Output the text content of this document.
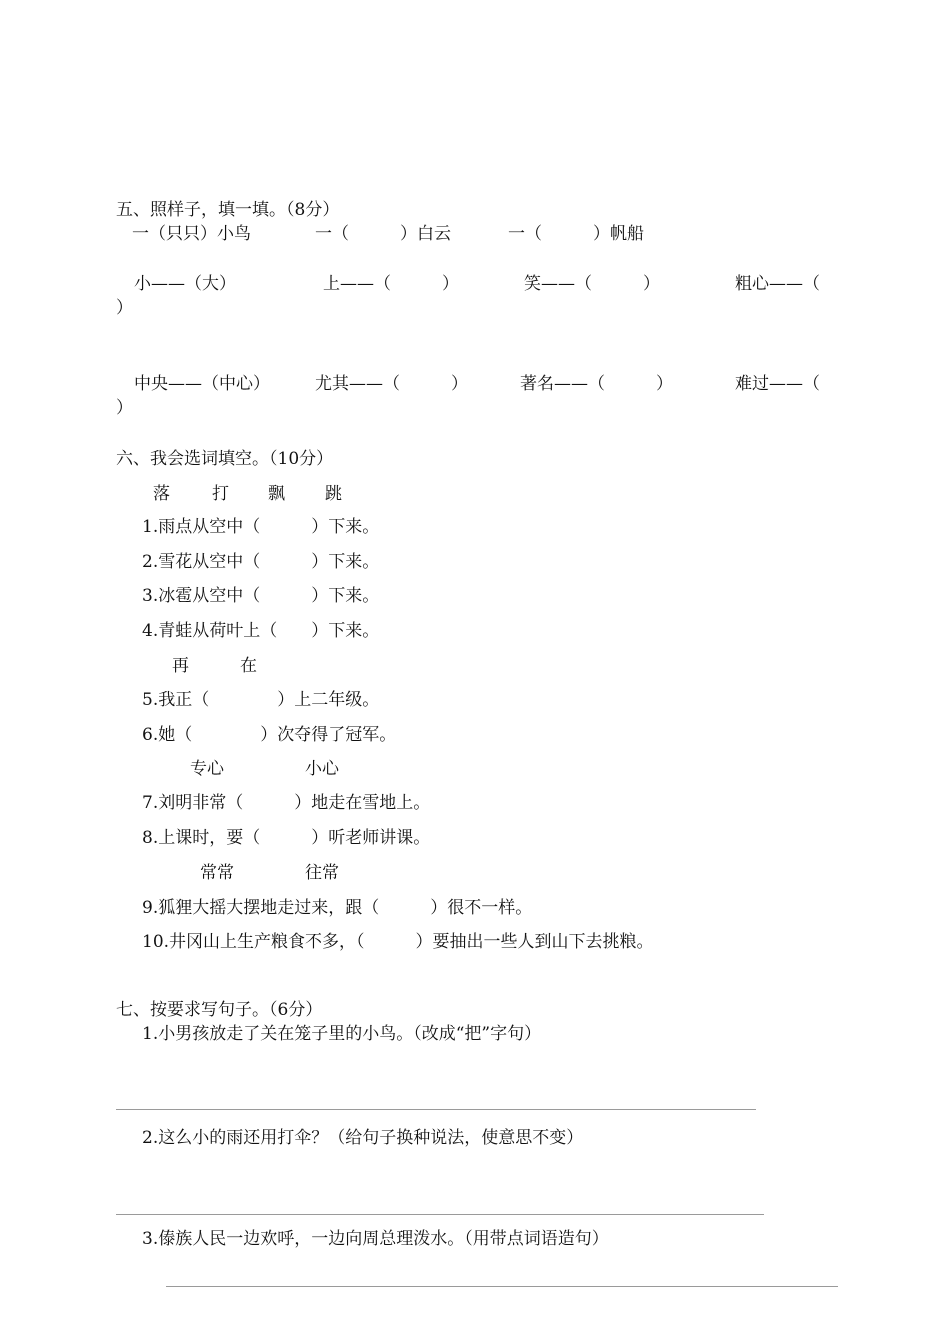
五、照样子，填一填。（8分）
一（只只）小鸟	一（　　　）白云	一（　　　）帆船
小——（大）	上——（　　　）	笑——（　　　）	粗心——（
）
中央——（中心）	尤其——（　　　）	著名——（　　　）	难过——（
）
六、我会选词填空。（10分）
落 打 飘 跳
1.雨点从空中（　　　）下来。
2.雪花从空中（　　　）下来。
3.冰雹从空中（　　　）下来。
4.青蛙从荷叶上（　　）下来。
再	在
5.我正（　　　　）上二年级。
6.她（　　　　）次夺得了冠军。
专心	小心
7.刘明非常（　　　）地走在雪地上。
8.上课时，要（　　　）听老师讲课。
常常	往常
9.狐狸大摇大摆地走过来，跟（　　　）很不一样。
10.井冈山上生产粮食不多，（　　　）要抽出一些人到山下去挑粮。
七、按要求写句子。（6分）
1.小男孩放走了关在笼子里的小鸟。（改成“把”字句）
2.这么小的雨还用打伞？（给句子换种说法，使意思不变）
3.傣族人民一边欢呼，一边向周总理泼水。（用带点词语造句）
